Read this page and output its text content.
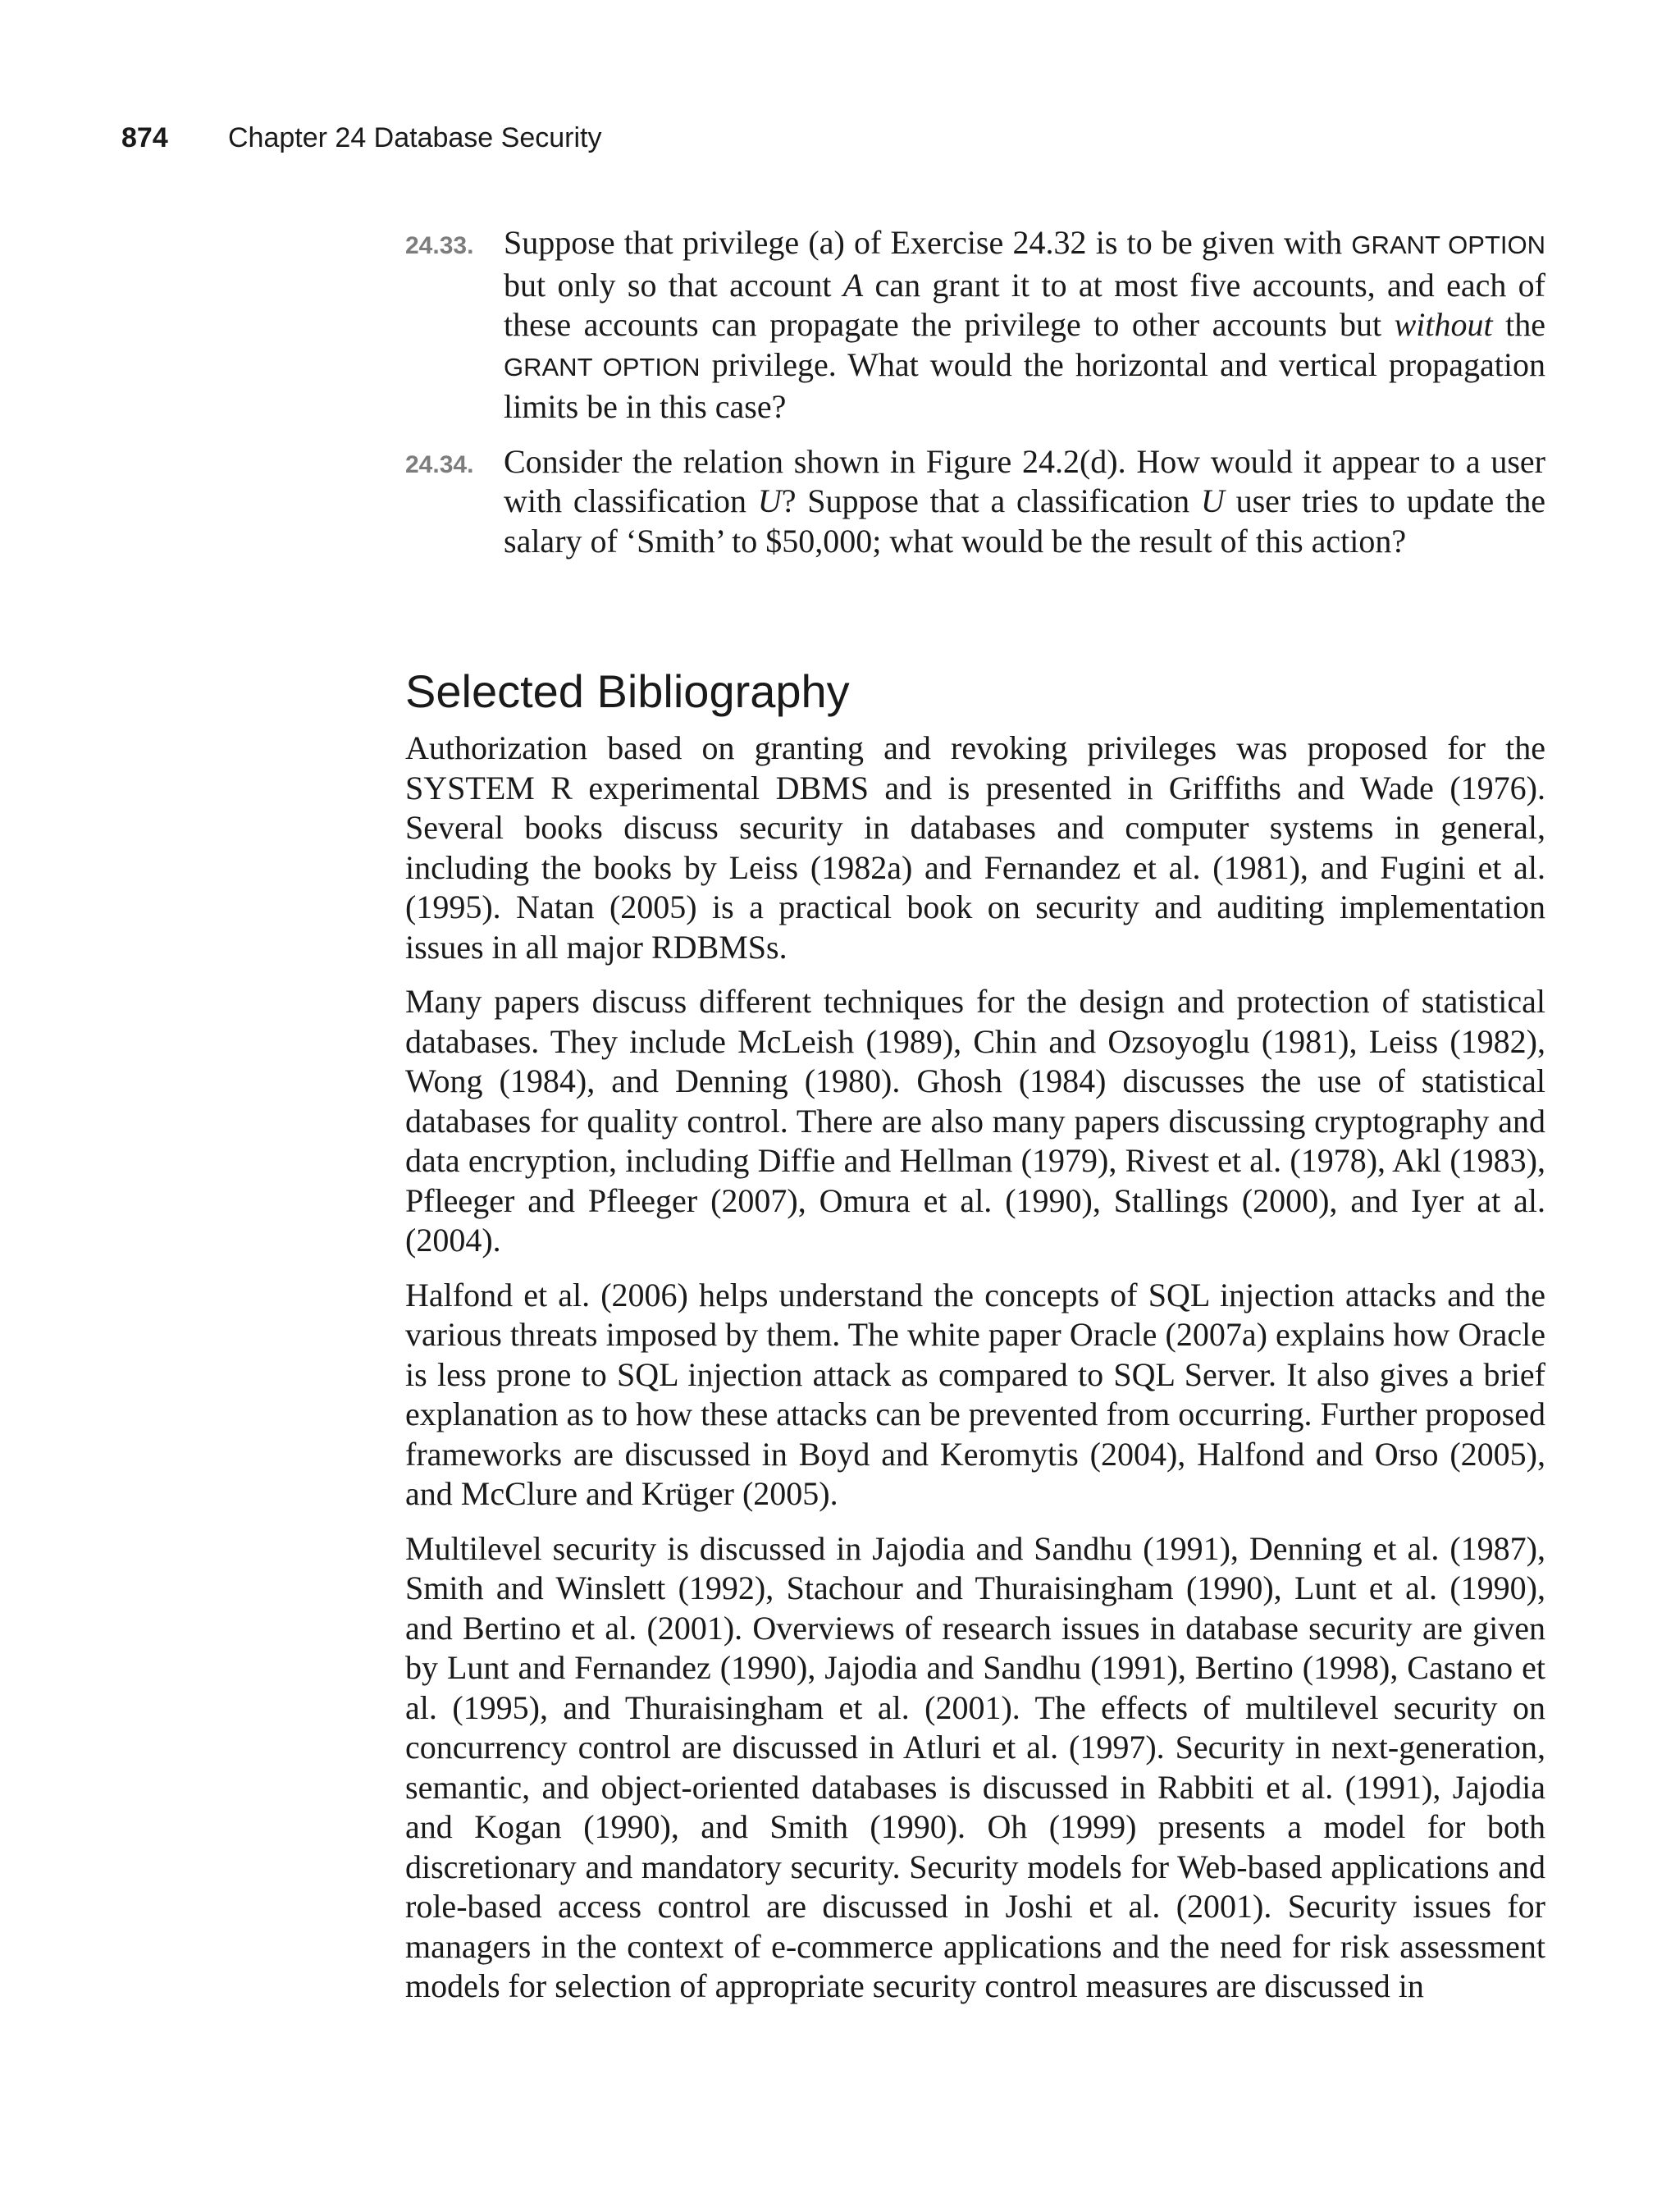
874 Chapter 24 Database Security
24.33. Suppose that privilege (a) of Exercise 24.32 is to be given with GRANT OPTION but only so that account A can grant it to at most five accounts, and each of these accounts can propagate the privilege to other accounts but without the GRANT OPTION privilege. What would the horizontal and vertical propagation limits be in this case?
24.34. Consider the relation shown in Figure 24.2(d). How would it appear to a user with classification U? Suppose that a classification U user tries to update the salary of ‘Smith’ to $50,000; what would be the result of this action?
Selected Bibliography

Authorization based on granting and revoking privileges was proposed for the SYSTEM R experimental DBMS and is presented in Griffiths and Wade (1976). Several books discuss security in databases and computer systems in general, including the books by Leiss (1982a) and Fernandez et al. (1981), and Fugini et al. (1995). Natan (2005) is a practical book on security and auditing implementation issues in all major RDBMSs.

Many papers discuss different techniques for the design and protection of statistical databases. They include McLeish (1989), Chin and Ozsoyoglu (1981), Leiss (1982), Wong (1984), and Denning (1980). Ghosh (1984) discusses the use of statistical databases for quality control. There are also many papers discussing cryptography and data encryption, including Diffie and Hellman (1979), Rivest et al. (1978), Akl (1983), Pfleeger and Pfleeger (2007), Omura et al. (1990), Stallings (2000), and Iyer at al. (2004).

Halfond et al. (2006) helps understand the concepts of SQL injection attacks and the various threats imposed by them. The white paper Oracle (2007a) explains how Oracle is less prone to SQL injection attack as compared to SQL Server. It also gives a brief explanation as to how these attacks can be prevented from occurring. Further proposed frameworks are discussed in Boyd and Keromytis (2004), Halfond and Orso (2005), and McClure and Krüger (2005).

Multilevel security is discussed in Jajodia and Sandhu (1991), Denning et al. (1987), Smith and Winslett (1992), Stachour and Thuraisingham (1990), Lunt et al. (1990), and Bertino et al. (2001). Overviews of research issues in database security are given by Lunt and Fernandez (1990), Jajodia and Sandhu (1991), Bertino (1998), Castano et al. (1995), and Thuraisingham et al. (2001). The effects of multilevel security on concurrency control are discussed in Atluri et al. (1997). Security in next-generation, semantic, and object-oriented databases is discussed in Rabbiti et al. (1991), Jajodia and Kogan (1990), and Smith (1990). Oh (1999) presents a model for both discretionary and mandatory security. Security models for Web-based applications and role-based access control are discussed in Joshi et al. (2001). Security issues for managers in the context of e-commerce applications and the need for risk assessment models for selection of appropriate security control measures are discussed in
